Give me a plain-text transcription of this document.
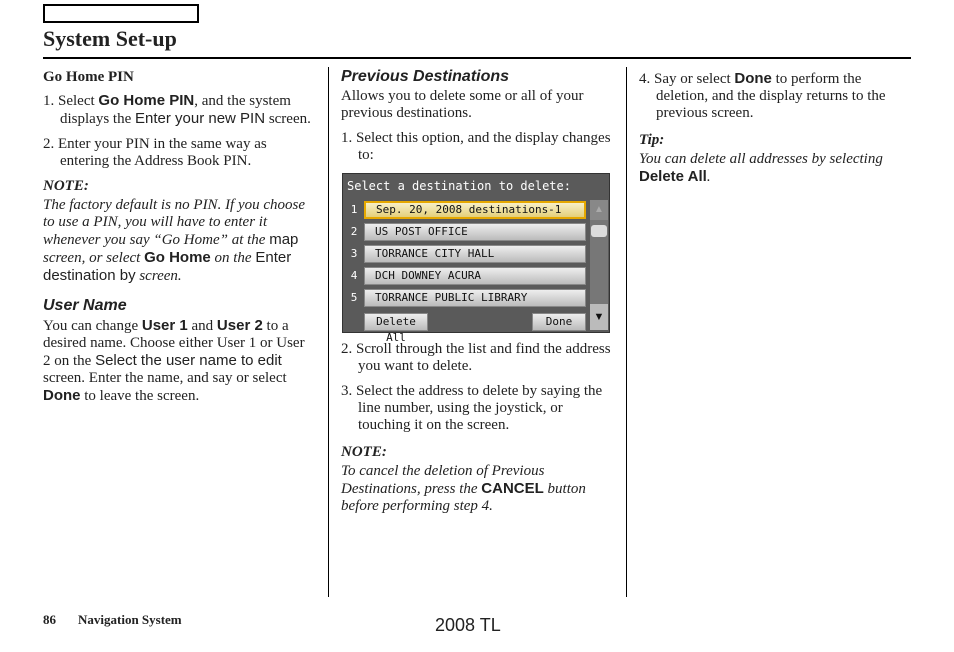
System Set-up
Go Home PIN

1. Select Go Home PIN, and the system displays the Enter your new PIN screen.

2. Enter your PIN in the same way as entering the Address Book PIN.

NOTE:

The factory default is no PIN. If you choose to use a PIN, you will have to enter it whenever you say “Go Home” at the map screen, or select Go Home on the Enter destination by screen.

User Name

You can change User 1 and User 2 to a desired name. Choose either User 1 or User 2 on the Select the user name to edit screen. Enter the name, and say or select Done to leave the screen.

Previous Destinations

Allows you to delete some or all of your previous destinations.

1. Select this option, and the display changes to:

Select a destination to delete:
1	Sep. 20, 2008 destinations-1
2	US POST OFFICE
3	TORRANCE CITY HALL
4	DCH DOWNEY ACURA
5	TORRANCE PUBLIC LIBRARY
▲
▼
Delete All
Done

2. Scroll through the list and find the address you want to delete.

3. Select the address to delete by saying the line number, using the joystick, or touching it on the screen.

NOTE:

To cancel the deletion of Previous Destinations, press the CANCEL button before performing step 4.

4. Say or select Done to perform the deletion, and the display returns to the previous screen.

Tip:

You can delete all addresses by selecting Delete All.

86 Navigation System	2008 TL
